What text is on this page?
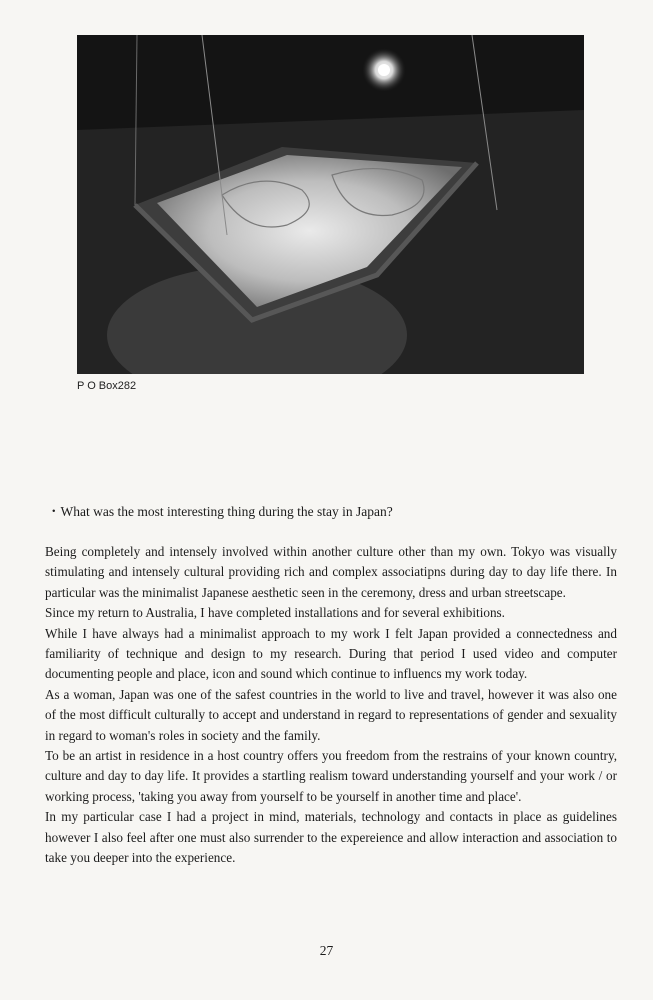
P O Box282
・What was the most interesting thing during the stay in Japan?

Being completely and intensely involved within another culture other than my own. Tokyo was visually stimulating and intensely cultural providing rich and complex associatipns during day to day life there. In particular was the minimalist Japanese aesthetic seen in the ceremony, dress and urban streetscape.

Since my return to Australia, I have completed installations and for several exhibitions.

While I have always had a minimalist approach to my work I felt Japan provided a connectedness and familiarity of technique and design to my research. During that period I used video and computer documenting people and place, icon and sound which continue to influencs my work today.

As a woman, Japan was one of the safest countries in the world to live and travel, however it was also one of the most difficult culturally to accept and understand in regard to representations of gender and sexuality in regard to woman's roles in society and the family.

To be an artist in residence in a host country offers you freedom from the restrains of your known country, culture and day to day life. It provides a startling realism toward understanding yourself and your work / or working process, 'taking you away from yourself to be yourself in another time and place'.

In my particular case I had a project in mind, materials, technology and contacts in place as guidelines however I also feel after one must also surrender to the expereience and allow interaction and association to take you deeper into the experience.

27
